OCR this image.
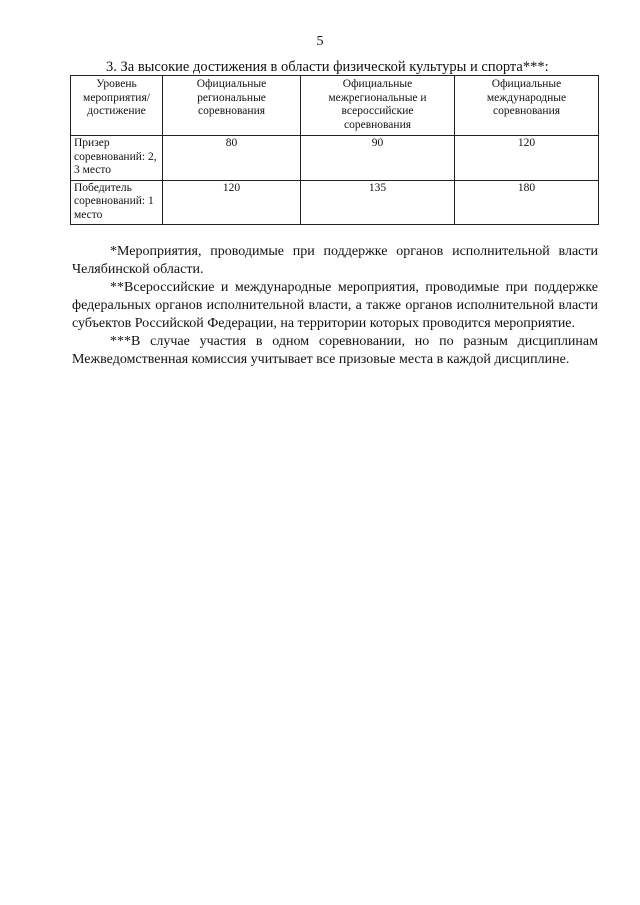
5
3. За высокие достижения в области физической культуры и спорта***:
Уровень мероприятия/ достижение	Официальные региональные соревнования	Официальные межрегиональные и всероссийские соревнования	Официальные международные соревнования
Призер соревнований: 2, 3 место	80	90	120
Победитель соревнований: 1 место	120	135	180

*Мероприятия, проводимые при поддержке органов исполнительной власти Челябинской области.

**Всероссийские и международные мероприятия, проводимые при поддержке федеральных органов исполнительной власти, а также органов исполнительной власти субъектов Российской Федерации, на территории которых проводится мероприятие.

***В случае участия в одном соревновании, но по разным дисциплинам Межведомственная комиссия учитывает все призовые места в каждой дисциплине.
